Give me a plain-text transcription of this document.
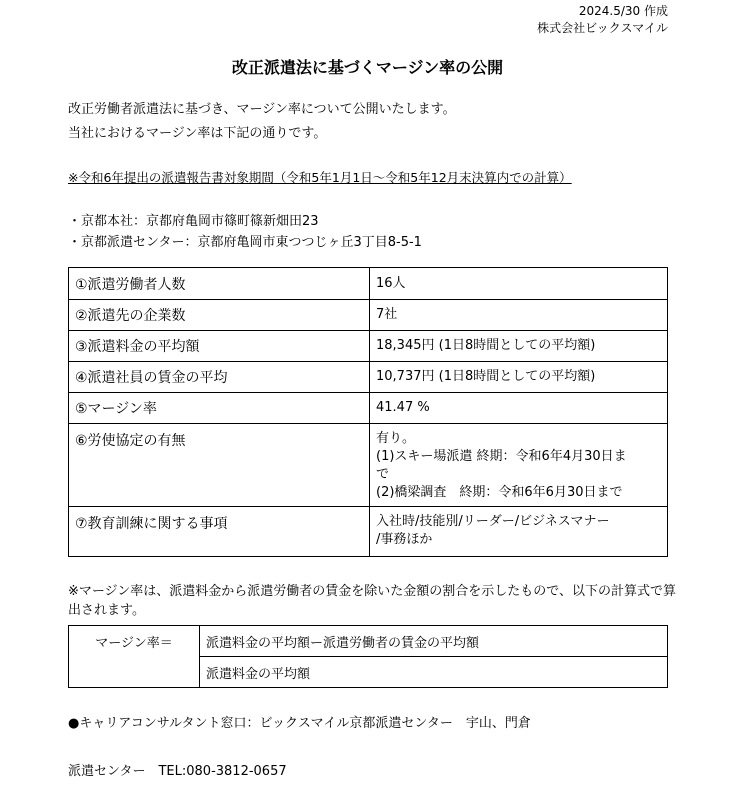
2024.5/30 作成
株式会社ビックスマイル
改正派遣法に基づくマージン率の公開
改正労働者派遣法に基づき、マージン率について公開いたします。
当社におけるマージン率は下記の通りです。
※令和6年提出の派遣報告書対象期間（令和5年1月1日〜令和5年12月末決算内での計算）
・京都本社：京都府亀岡市篠町篠新畑田23
・京都派遣センター：京都府亀岡市東つつじヶ丘3丁目8-5-1
①派遣労働者人数	16人

②派遣先の企業数	7社

③派遣料金の平均額	18,345円 (1日8時間としての平均額)

④派遣社員の賃金の平均	10,737円 (1日8時間としての平均額)

⑤マージン率	41.47 %

⑥労使協定の有無	有り。
(1)スキー場派遣 終期：令和6年4月30日ま
で
(2)橋梁調査　終期：令和6年6月30日まで

⑦教育訓練に関する事項	入社時/技能別/リーダー/ビジネスマナー
/事務ほか
※マージン率は、派遣料金から派遣労働者の賃金を除いた金額の割合を示したもので、以下の計算式で算出されます。
マージン率＝	派遣料金の平均額ー派遣労働者の賃金の平均額
派遣料金の平均額
●キャリアコンサルタント窓口：ビックスマイル京都派遣センター　宇山、門倉
派遣センター　TEL:080-3812-0657
